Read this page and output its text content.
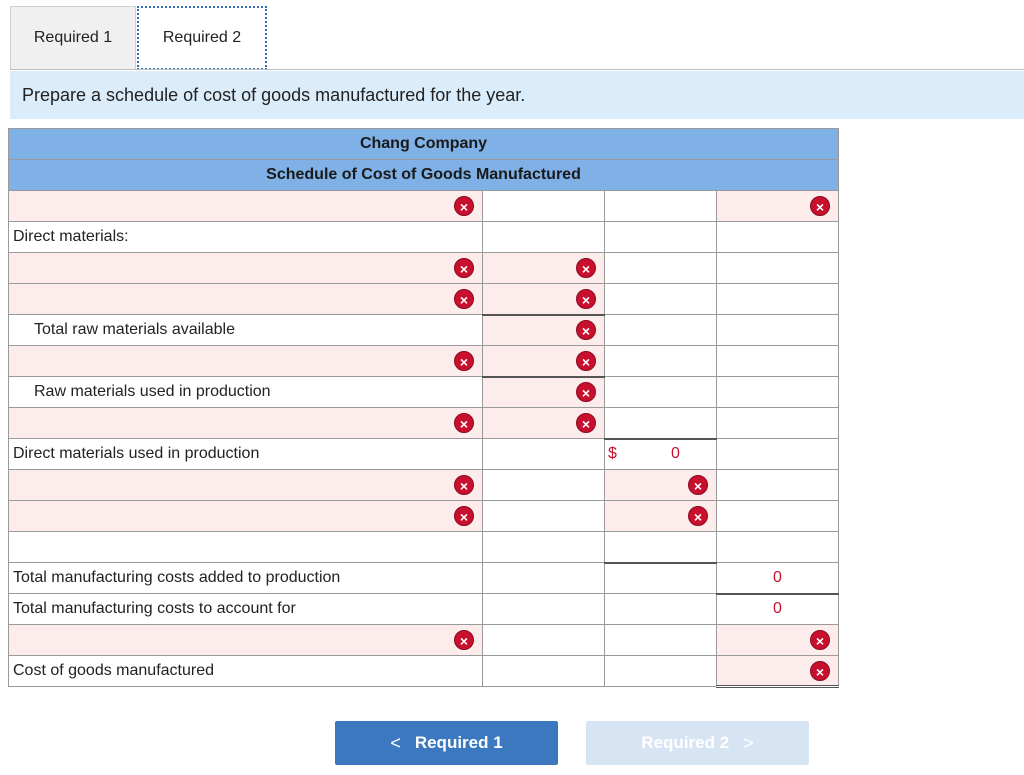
Required 1	Required 2
Prepare a schedule of cost of goods manufactured for the year.
Chang Company			
Schedule of Cost of Goods Manufactured			

×			×

Direct materials:			

×	×		

×	×		

Total raw materials available	×		

×	×		

Raw materials used in production	×		

×	×		

Direct materials used in production		$ 0	

×		×	

×		×	

Total manufacturing costs added to production			0
Total manufacturing costs to account for			0

×			×

Cost of goods manufactured			×
< Required 1	Required 2 >
